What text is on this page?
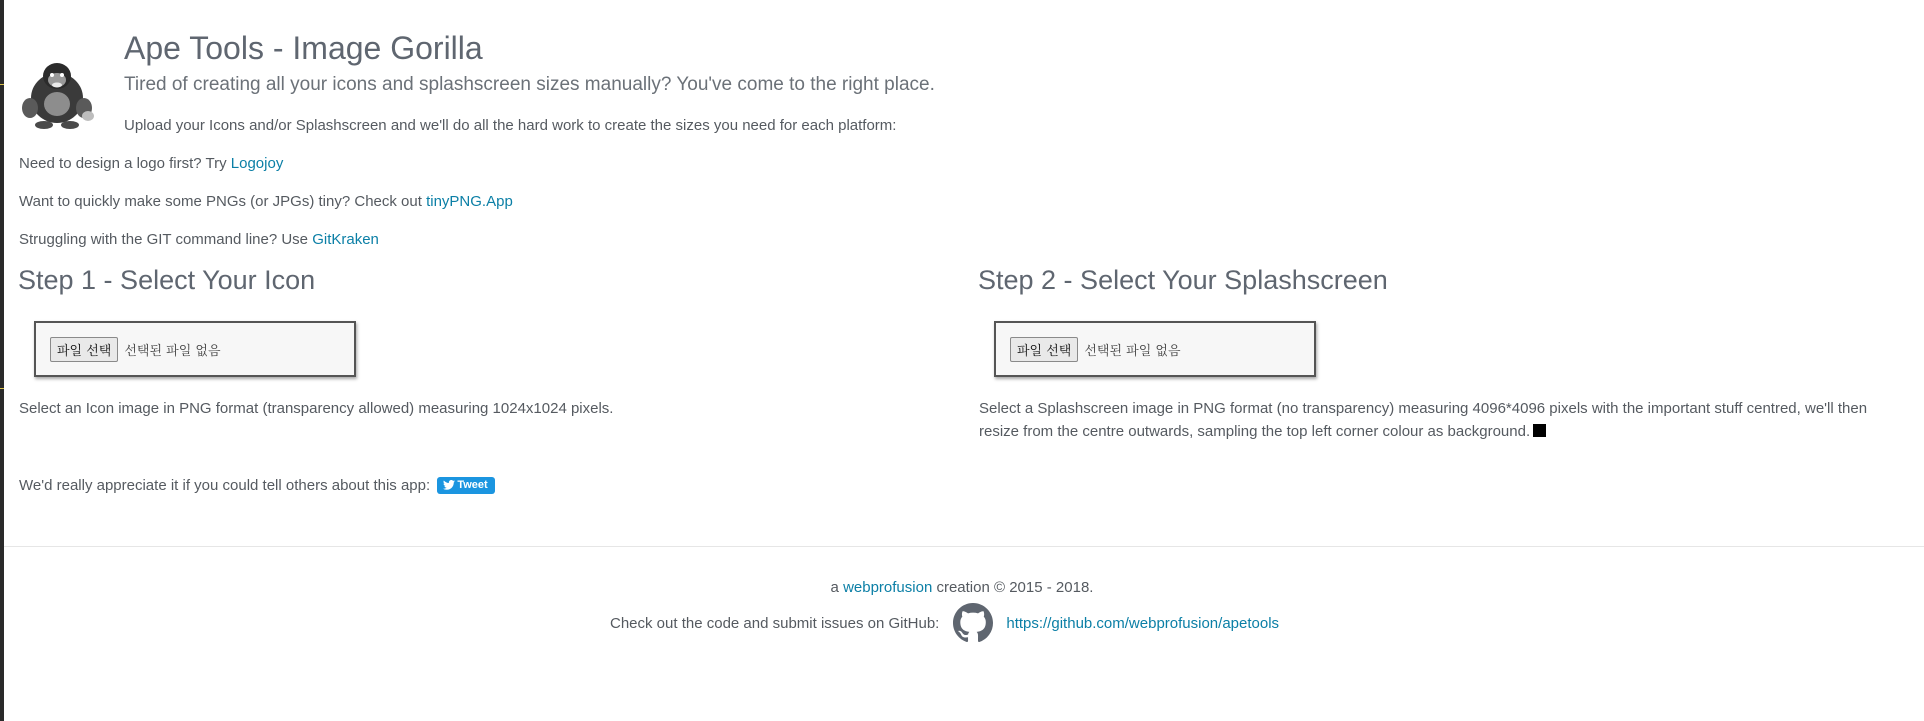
Ape Tools - Image Gorilla

Tired of creating all your icons and splashscreen sizes manually? You've come to the right place.

Upload your Icons and/or Splashscreen and we'll do all the hard work to create the sizes you need for each platform:

Need to design a logo first? Try Logojoy

Want to quickly make some PNGs (or JPGs) tiny? Check out tinyPNG.App

Struggling with the GIT command line? Use GitKraken

Step 1 - Select Your Icon
파일 선택	선택된 파일 없음

Select an Icon image in PNG format (transparency allowed) measuring 1024x1024 pixels.

Step 2 - Select Your Splashscreen
파일 선택	선택된 파일 없음

Select a Splashscreen image in PNG format (no transparency) measuring 4096*4096 pixels with the important stuff centred, we'll then resize from the centre outwards, sampling the top left corner colour as background.

We'd really appreciate it if you could tell others about this app: Tweet
a webprofusion creation © 2015 - 2018.
Check out the code and submit issues on GitHub:	https://github.com/webprofusion/apetools
